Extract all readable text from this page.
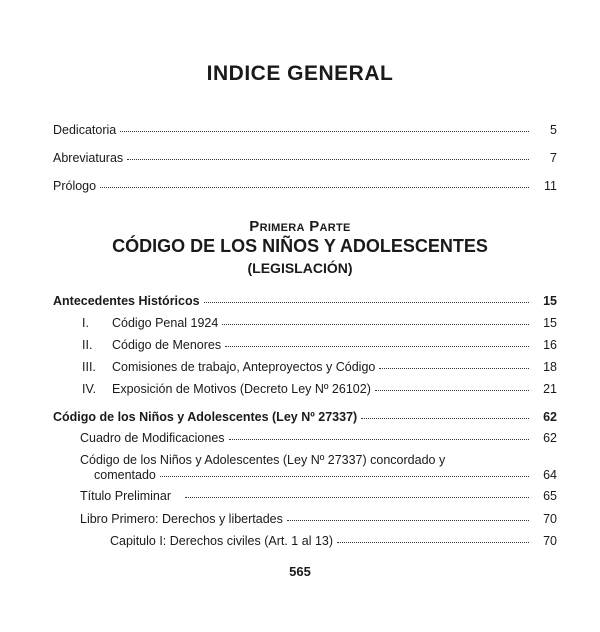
INDICE GENERAL
Dedicatoria	5
Abreviaturas	7
Prólogo	11
Primera Parte
CÓDIGO DE LOS NIÑOS Y ADOLESCENTES
(LEGISLACIÓN)
Antecedentes Históricos	15
I.	Código Penal 1924	15
II.	Código de Menores	16
III.	Comisiones de trabajo, Anteproyectos y Código	18
IV.	Exposición de Motivos (Decreto Ley Nº 26102)	21
Código de los Niños y Adolescentes (Ley Nº 27337)	62
Cuadro de Modificaciones	62
Código de los Niños y Adolescentes (Ley Nº 27337) concordado y
comentado	64
Título Preliminar	65
Libro Primero: Derechos y libertades	70
Capitulo I: Derechos civiles (Art. 1 al 13)	70
565
